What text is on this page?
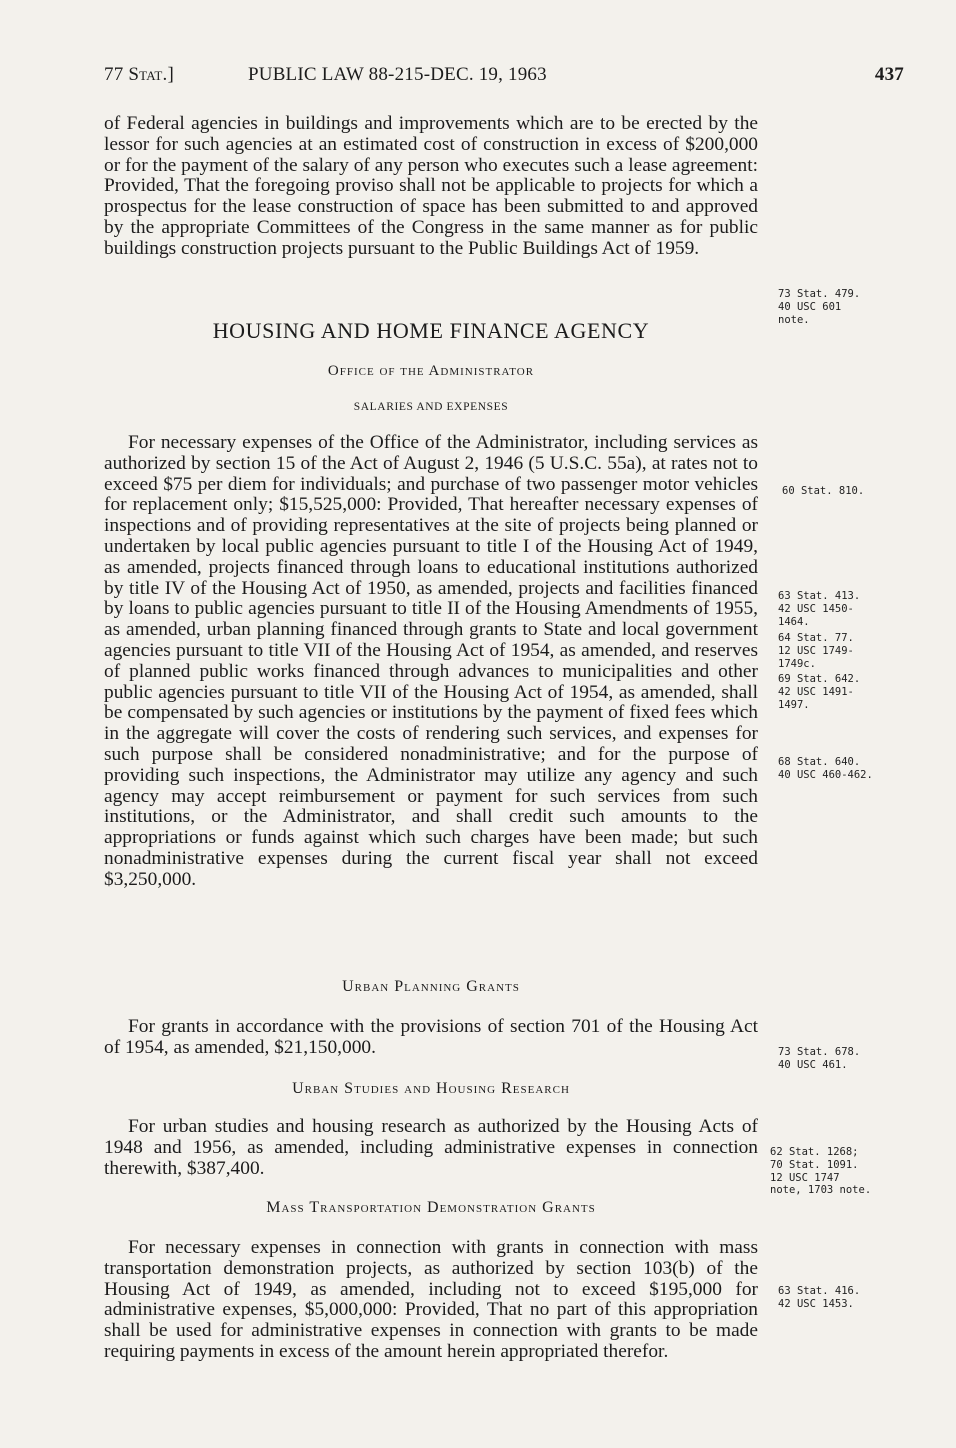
77 Stat.]	PUBLIC LAW 88-215-DEC. 19, 1963	437

of Federal agencies in buildings and improvements which are to be erected by the lessor for such agencies at an estimated cost of construction in excess of $200,000 or for the payment of the salary of any person who executes such a lease agreement: Provided, That the foregoing proviso shall not be applicable to projects for which a prospectus for the lease construction of space has been submitted to and approved by the appropriate Committees of the Congress in the same manner as for public buildings construction projects pursuant to the Public Buildings Act of 1959.

HOUSING AND HOME FINANCE AGENCY
Office of the Administrator
SALARIES AND EXPENSES

For necessary expenses of the Office of the Administrator, including services as authorized by section 15 of the Act of August 2, 1946 (5 U.S.C. 55a), at rates not to exceed $75 per diem for individuals; and purchase of two passenger motor vehicles for replacement only; $15,525,000: Provided, That hereafter necessary expenses of inspections and of providing representatives at the site of projects being planned or undertaken by local public agencies pursuant to title I of the Housing Act of 1949, as amended, projects financed through loans to educational institutions authorized by title IV of the Housing Act of 1950, as amended, projects and facilities financed by loans to public agencies pursuant to title II of the Housing Amendments of 1955, as amended, urban planning financed through grants to State and local government agencies pursuant to title VII of the Housing Act of 1954, as amended, and reserves of planned public works financed through advances to municipalities and other public agencies pursuant to title VII of the Housing Act of 1954, as amended, shall be compensated by such agencies or institutions by the payment of fixed fees which in the aggregate will cover the costs of rendering such services, and expenses for such purpose shall be considered nonadministrative; and for the purpose of providing such inspections, the Administrator may utilize any agency and such agency may accept reimbursement or payment for such services from such institutions, or the Administrator, and shall credit such amounts to the appropriations or funds against which such charges have been made; but such nonadministrative expenses during the current fiscal year shall not exceed $3,250,000.

Urban Planning Grants

For grants in accordance with the provisions of section 701 of the Housing Act of 1954, as amended, $21,150,000.

Urban Studies and Housing Research

For urban studies and housing research as authorized by the Housing Acts of 1948 and 1956, as amended, including administrative expenses in connection therewith, $387,400.

Mass Transportation Demonstration Grants

For necessary expenses in connection with grants in connection with mass transportation demonstration projects, as authorized by section 103(b) of the Housing Act of 1949, as amended, including not to exceed $195,000 for administrative expenses, $5,000,000: Provided, That no part of this appropriation shall be used for administrative expenses in connection with grants to be made requiring payments in excess of the amount herein appropriated therefor.

73 Stat. 479.
40 USC 601
note.
60 Stat. 810.
63 Stat. 413.
42 USC 1450-
1464.
64 Stat. 77.
12 USC 1749-
1749c.
69 Stat. 642.
42 USC 1491-
1497.
68 Stat. 640.
40 USC 460-462.
73 Stat. 678.
40 USC 461.
62 Stat. 1268;
70 Stat. 1091.
12 USC 1747
note, 1703 note.
63 Stat. 416.
42 USC 1453.
